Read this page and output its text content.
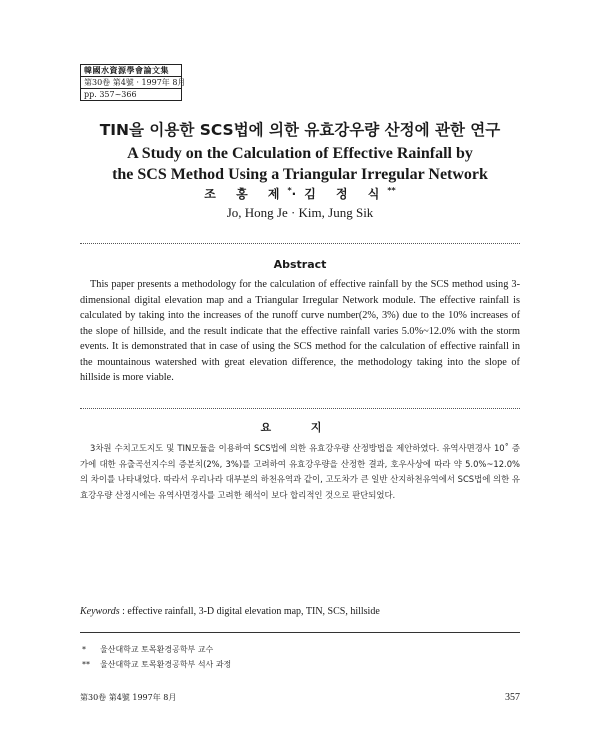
韓國水資源學會論文集
第30卷 第4號 · 1997年 8月
pp. 357~366
TIN을 이용한 SCS법에 의한 유효강우량 산정에 관한 연구
A Study on the Calculation of Effective Rainfall by
the SCS Method Using a Triangular Irregular Network
조 홍 제*·김 정 식**
Jo, Hong Je · Kim, Jung Sik
Abstract
This paper presents a methodology for the calculation of effective rainfall by the SCS method using 3-dimensional digital elevation map and a Triangular Irregular Network module. The effective rainfall is calculated by taking into the increases of the runoff curve number(2%, 3%) due to the 10% increases of the slope of hillside, and the result indicate that the effective rainfall varies 5.0%~12.0% with the storm events. It is demonstrated that in case of using the SCS method for the calculation of effective rainfall in the mountainous watershed with great elevation difference, the methodology taking into the slope of hillside is more viable.
요 지
3차원 수치고도지도 및 TIN모듈을 이용하여 SCS법에 의한 유효강우량 산정방법을 제안하였다. 유역사면경사 10˚ 증가에 대한 유출곡선지수의 증분치(2%, 3%)를 고려하여 유효강우량을 산정한 결과, 호우사상에 따라 약 5.0%~12.0%의 차이를 나타내었다. 따라서 우리나라 대부분의 하천유역과 같이, 고도차가 큰 일반 산지하천유역에서 SCS법에 의한 유효강우량 산정시에는 유역사면경사를 고려한 해석이 보다 합리적인 것으로 판단되었다.
Keywords : effective rainfall, 3-D digital elevation map, TIN, SCS, hillside
* 울산대학교 토목환경공학부 교수
** 울산대학교 토목환경공학부 석사 과정
第30卷 第4號 1997年 8月	357
